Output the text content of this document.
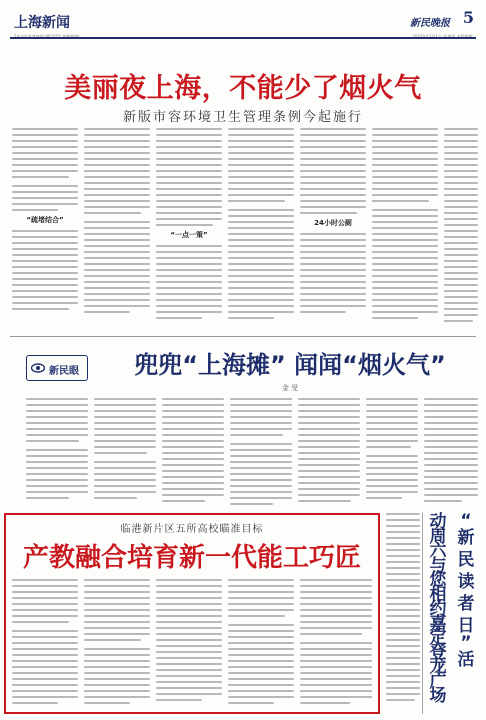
上海新闻	新民晚报 5
美丽夜上海，不能少了烟火气
新版市容环境卫生管理条例今起施行
“疏堵结合”
“一点一策”
24小时公厕
新民眼	兜兜“上海摊” 闻闻“烟火气”
金 旻
临港新片区五所高校瞄准目标
产教融合培育新一代能工巧匠
“
新
民
读
者
日
”
活
动
周
六
与
您
相
约
嘉
定
登
龙
广
场
